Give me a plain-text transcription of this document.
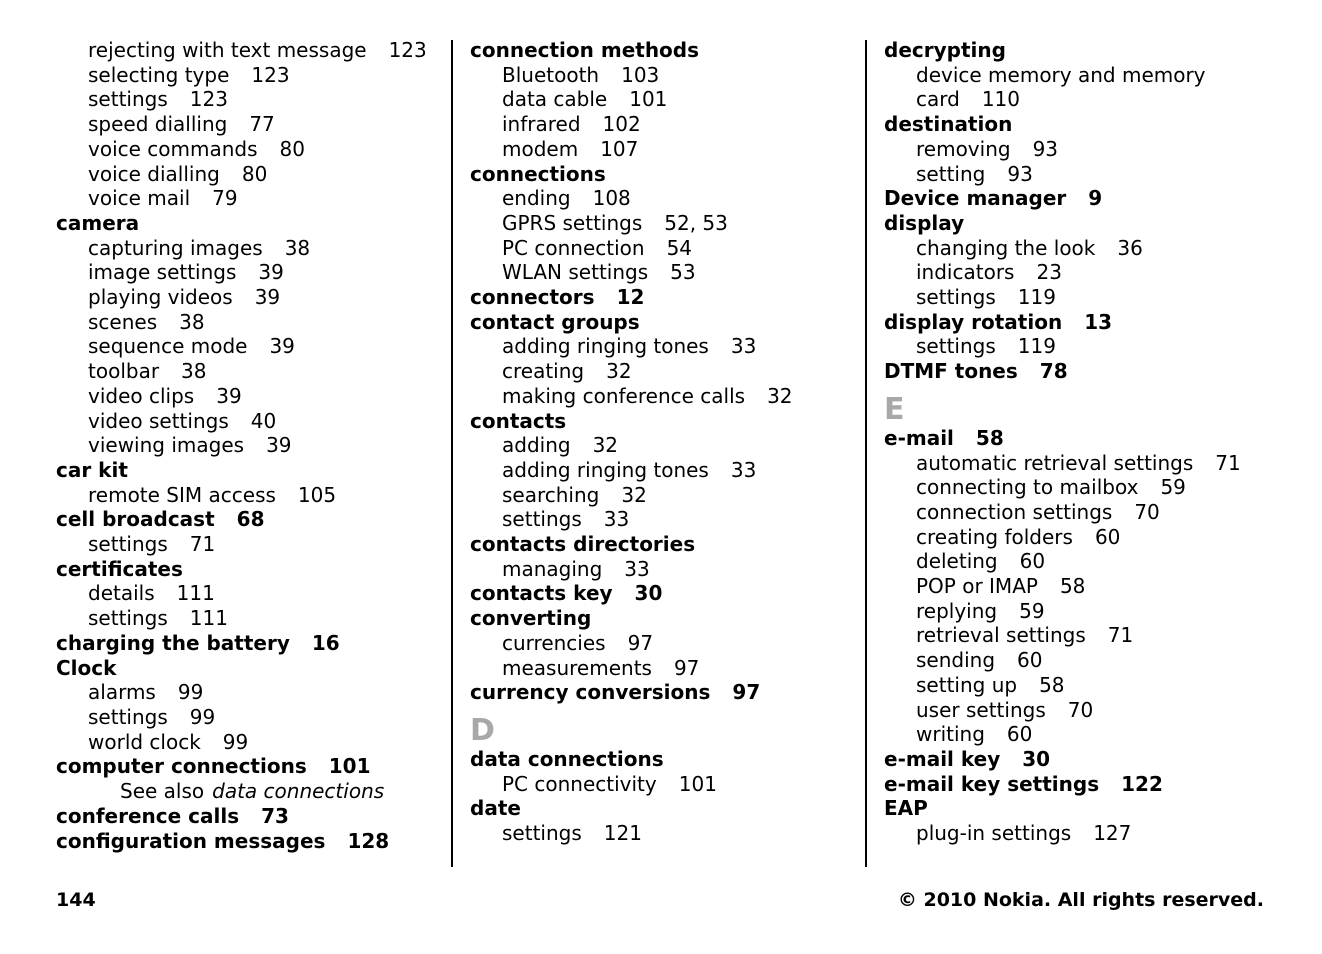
rejecting with text message 123
selecting type 123
settings 123
speed dialling 77
voice commands 80
voice dialling 80
voice mail 79
camera
capturing images 38
image settings 39
playing videos 39
scenes 38
sequence mode 39
toolbar 38
video clips 39
video settings 40
viewing images 39
car kit
remote SIM access 105
cell broadcast 68
settings 71
certificates
details 111
settings 111
charging the battery 16
Clock
alarms 99
settings 99
world clock 99
computer connections 101
See also data connections
conference calls 73
configuration messages 128
connection methods
Bluetooth 103
data cable 101
infrared 102
modem 107
connections
ending 108
GPRS settings 52, 53
PC connection 54
WLAN settings 53
connectors 12
contact groups
adding ringing tones 33
creating 32
making conference calls 32
contacts
adding 32
adding ringing tones 33
searching 32
settings 33
contacts directories
managing 33
contacts key 30
converting
currencies 97
measurements 97
currency conversions 97
D
data connections
PC connectivity 101
date
settings 121
decrypting
device memory and memory
card 110
destination
removing 93
setting 93
Device manager 9
display
changing the look 36
indicators 23
settings 119
display rotation 13
settings 119
DTMF tones 78
E
e-mail 58
automatic retrieval settings 71
connecting to mailbox 59
connection settings 70
creating folders 60
deleting 60
POP or IMAP 58
replying 59
retrieval settings 71
sending 60
setting up 58
user settings 70
writing 60
e-mail key 30
e-mail key settings 122
EAP
plug-in settings 127
144	© 2010 Nokia. All rights reserved.
